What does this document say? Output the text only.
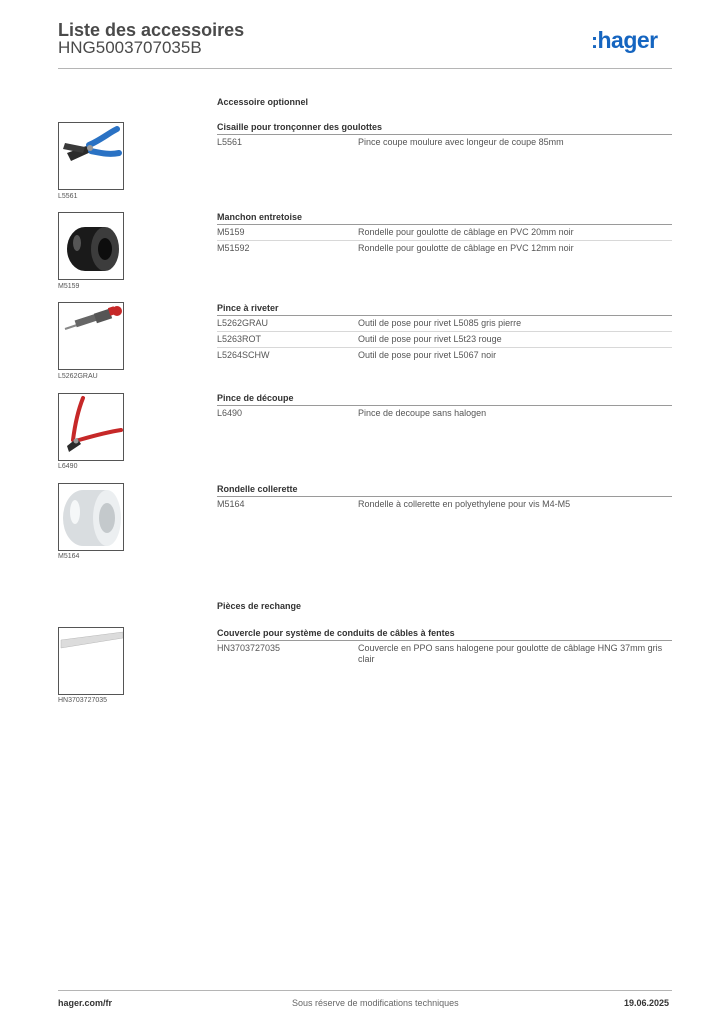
Liste des accessoires
HNG5003707035B	:hager
Accessoire optionnel
L5561
Cisaille pour tronçonner des goulottes
L5561	Pince coupe moulure avec longeur de coupe 85mm
M5159
Manchon entretoise
M5159	Rondelle pour goulotte de câblage en PVC 20mm noir
M51592	Rondelle pour goulotte de câblage en PVC 12mm noir
L5262GRAU
Pince à riveter
L5262GRAU	Outil de pose pour rivet L5085 gris pierre
L5263ROT	Outil de pose pour rivet L5t23 rouge
L5264SCHW	Outil de pose pour rivet L5067 noir
L6490
Pince de découpe
L6490	Pince de decoupe sans halogen
M5164
Rondelle collerette
M5164	Rondelle à collerette en polyethylene pour vis M4-M5
Pièces de rechange
HN3703727035
Couvercle pour système de conduits de câbles à fentes
HN3703727035	Couvercle en PPO sans halogene pour goulotte de câblage HNG 37mm gris clair
hager.com/fr	Sous réserve de modifications techniques	19.06.2025
